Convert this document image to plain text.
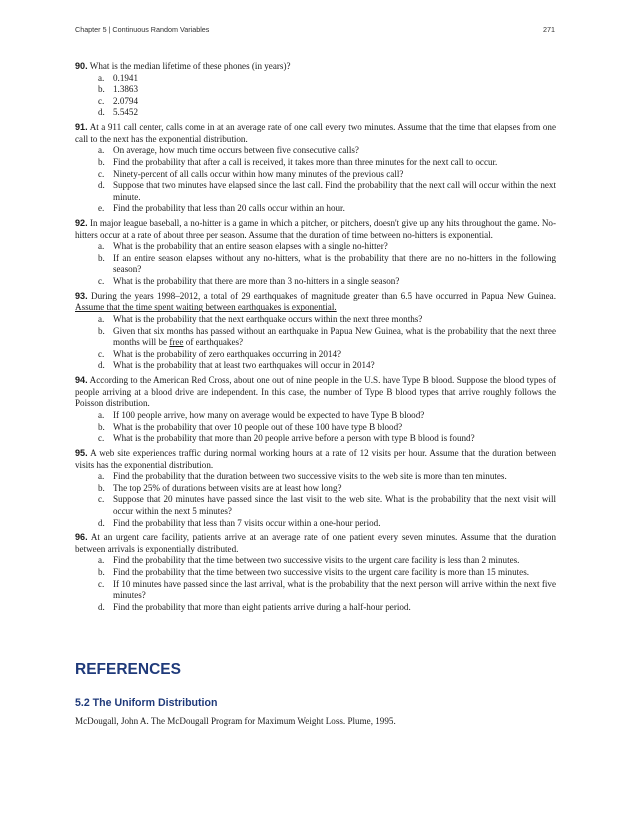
Chapter 5 | Continuous Random Variables	271
90. What is the median lifetime of these phones (in years)?
a. 0.1941
b. 1.3863
c. 2.0794
d. 5.5452
91. At a 911 call center, calls come in at an average rate of one call every two minutes. Assume that the time that elapses from one call to the next has the exponential distribution.
a. On average, how much time occurs between five consecutive calls?
b. Find the probability that after a call is received, it takes more than three minutes for the next call to occur.
c. Ninety-percent of all calls occur within how many minutes of the previous call?
d. Suppose that two minutes have elapsed since the last call. Find the probability that the next call will occur within the next minute.
e. Find the probability that less than 20 calls occur within an hour.
92. In major league baseball, a no-hitter is a game in which a pitcher, or pitchers, doesn't give up any hits throughout the game. No-hitters occur at a rate of about three per season. Assume that the duration of time between no-hitters is exponential.
a. What is the probability that an entire season elapses with a single no-hitter?
b. If an entire season elapses without any no-hitters, what is the probability that there are no no-hitters in the following season?
c. What is the probability that there are more than 3 no-hitters in a single season?
93. During the years 1998–2012, a total of 29 earthquakes of magnitude greater than 6.5 have occurred in Papua New Guinea. Assume that the time spent waiting between earthquakes is exponential.
a. What is the probability that the next earthquake occurs within the next three months?
b. Given that six months has passed without an earthquake in Papua New Guinea, what is the probability that the next three months will be free of earthquakes?
c. What is the probability of zero earthquakes occurring in 2014?
d. What is the probability that at least two earthquakes will occur in 2014?
94. According to the American Red Cross, about one out of nine people in the U.S. have Type B blood. Suppose the blood types of people arriving at a blood drive are independent. In this case, the number of Type B blood types that arrive roughly follows the Poisson distribution.
a. If 100 people arrive, how many on average would be expected to have Type B blood?
b. What is the probability that over 10 people out of these 100 have type B blood?
c. What is the probability that more than 20 people arrive before a person with type B blood is found?
95. A web site experiences traffic during normal working hours at a rate of 12 visits per hour. Assume that the duration between visits has the exponential distribution.
a. Find the probability that the duration between two successive visits to the web site is more than ten minutes.
b. The top 25% of durations between visits are at least how long?
c. Suppose that 20 minutes have passed since the last visit to the web site. What is the probability that the next visit will occur within the next 5 minutes?
d. Find the probability that less than 7 visits occur within a one-hour period.
96. At an urgent care facility, patients arrive at an average rate of one patient every seven minutes. Assume that the duration between arrivals is exponentially distributed.
a. Find the probability that the time between two successive visits to the urgent care facility is less than 2 minutes.
b. Find the probability that the time between two successive visits to the urgent care facility is more than 15 minutes.
c. If 10 minutes have passed since the last arrival, what is the probability that the next person will arrive within the next five minutes?
d. Find the probability that more than eight patients arrive during a half-hour period.
REFERENCES
5.2 The Uniform Distribution

McDougall, John A. The McDougall Program for Maximum Weight Loss. Plume, 1995.
